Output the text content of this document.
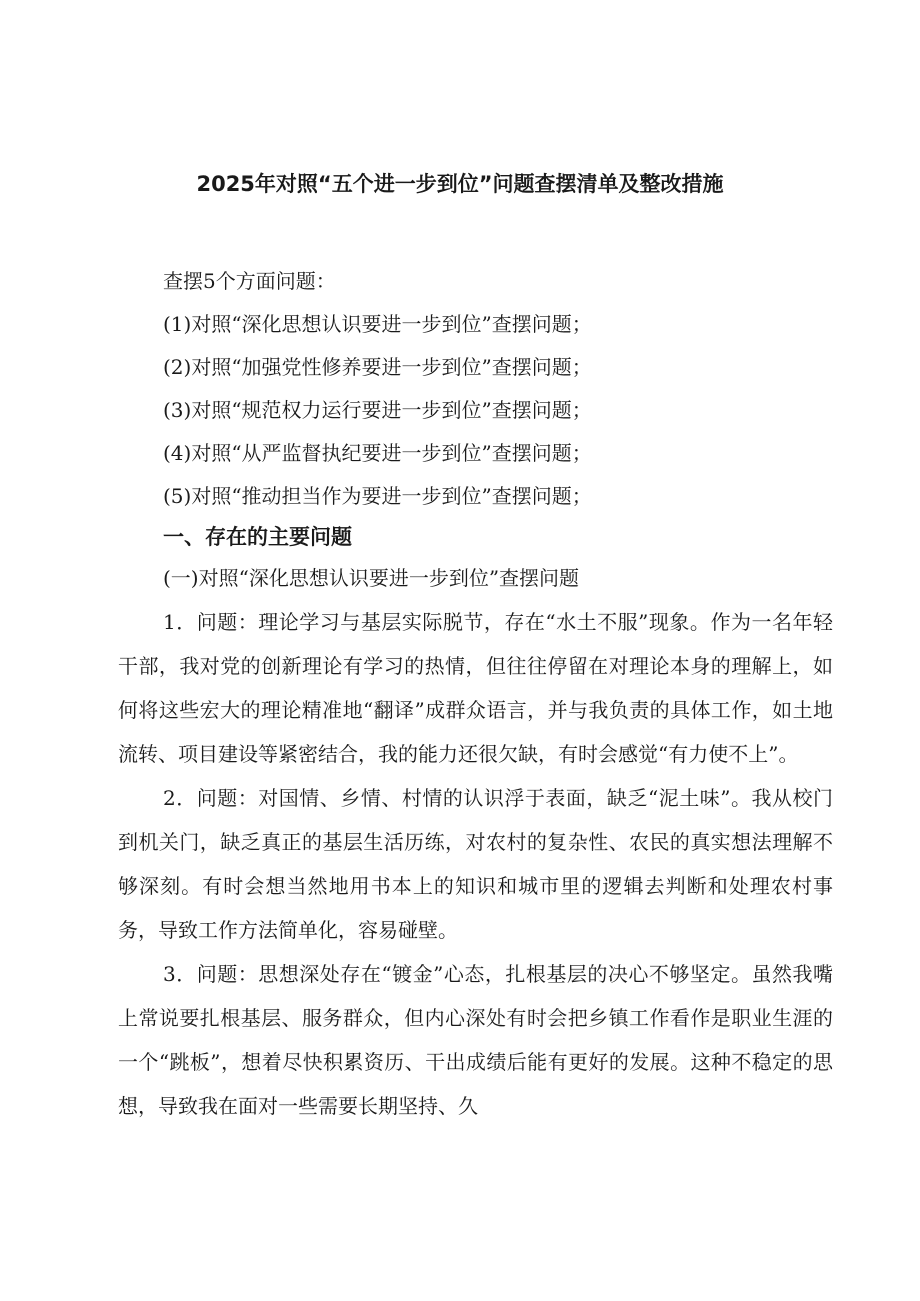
2025年对照“五个进一步到位”问题查摆清单及整改措施
查摆5个方面问题：
(1)对照“深化思想认识要进一步到位”查摆问题；
(2)对照“加强党性修养要进一步到位”查摆问题；
(3)对照“规范权力运行要进一步到位”查摆问题；
(4)对照“从严监督执纪要进一步到位”查摆问题；
(5)对照“推动担当作为要进一步到位”查摆问题；
一、存在的主要问题
(一)对照“深化思想认识要进一步到位”查摆问题

1．问题：理论学习与基层实际脱节，存在“水土不服”现象。作为一名年轻干部，我对党的创新理论有学习的热情，但往往停留在对理论本身的理解上，如何将这些宏大的理论精准地“翻译”成群众语言，并与我负责的具体工作，如土地流转、项目建设等紧密结合，我的能力还很欠缺，有时会感觉“有力使不上”。

2．问题：对国情、乡情、村情的认识浮于表面，缺乏“泥土味”。我从校门到机关门，缺乏真正的基层生活历练，对农村的复杂性、农民的真实想法理解不够深刻。有时会想当然地用书本上的知识和城市里的逻辑去判断和处理农村事务，导致工作方法简单化，容易碰壁。

3．问题：思想深处存在“镀金”心态，扎根基层的决心不够坚定。虽然我嘴上常说要扎根基层、服务群众，但内心深处有时会把乡镇工作看作是职业生涯的一个“跳板”，想着尽快积累资历、干出成绩后能有更好的发展。这种不稳定的思想，导致我在面对一些需要长期坚持、久
